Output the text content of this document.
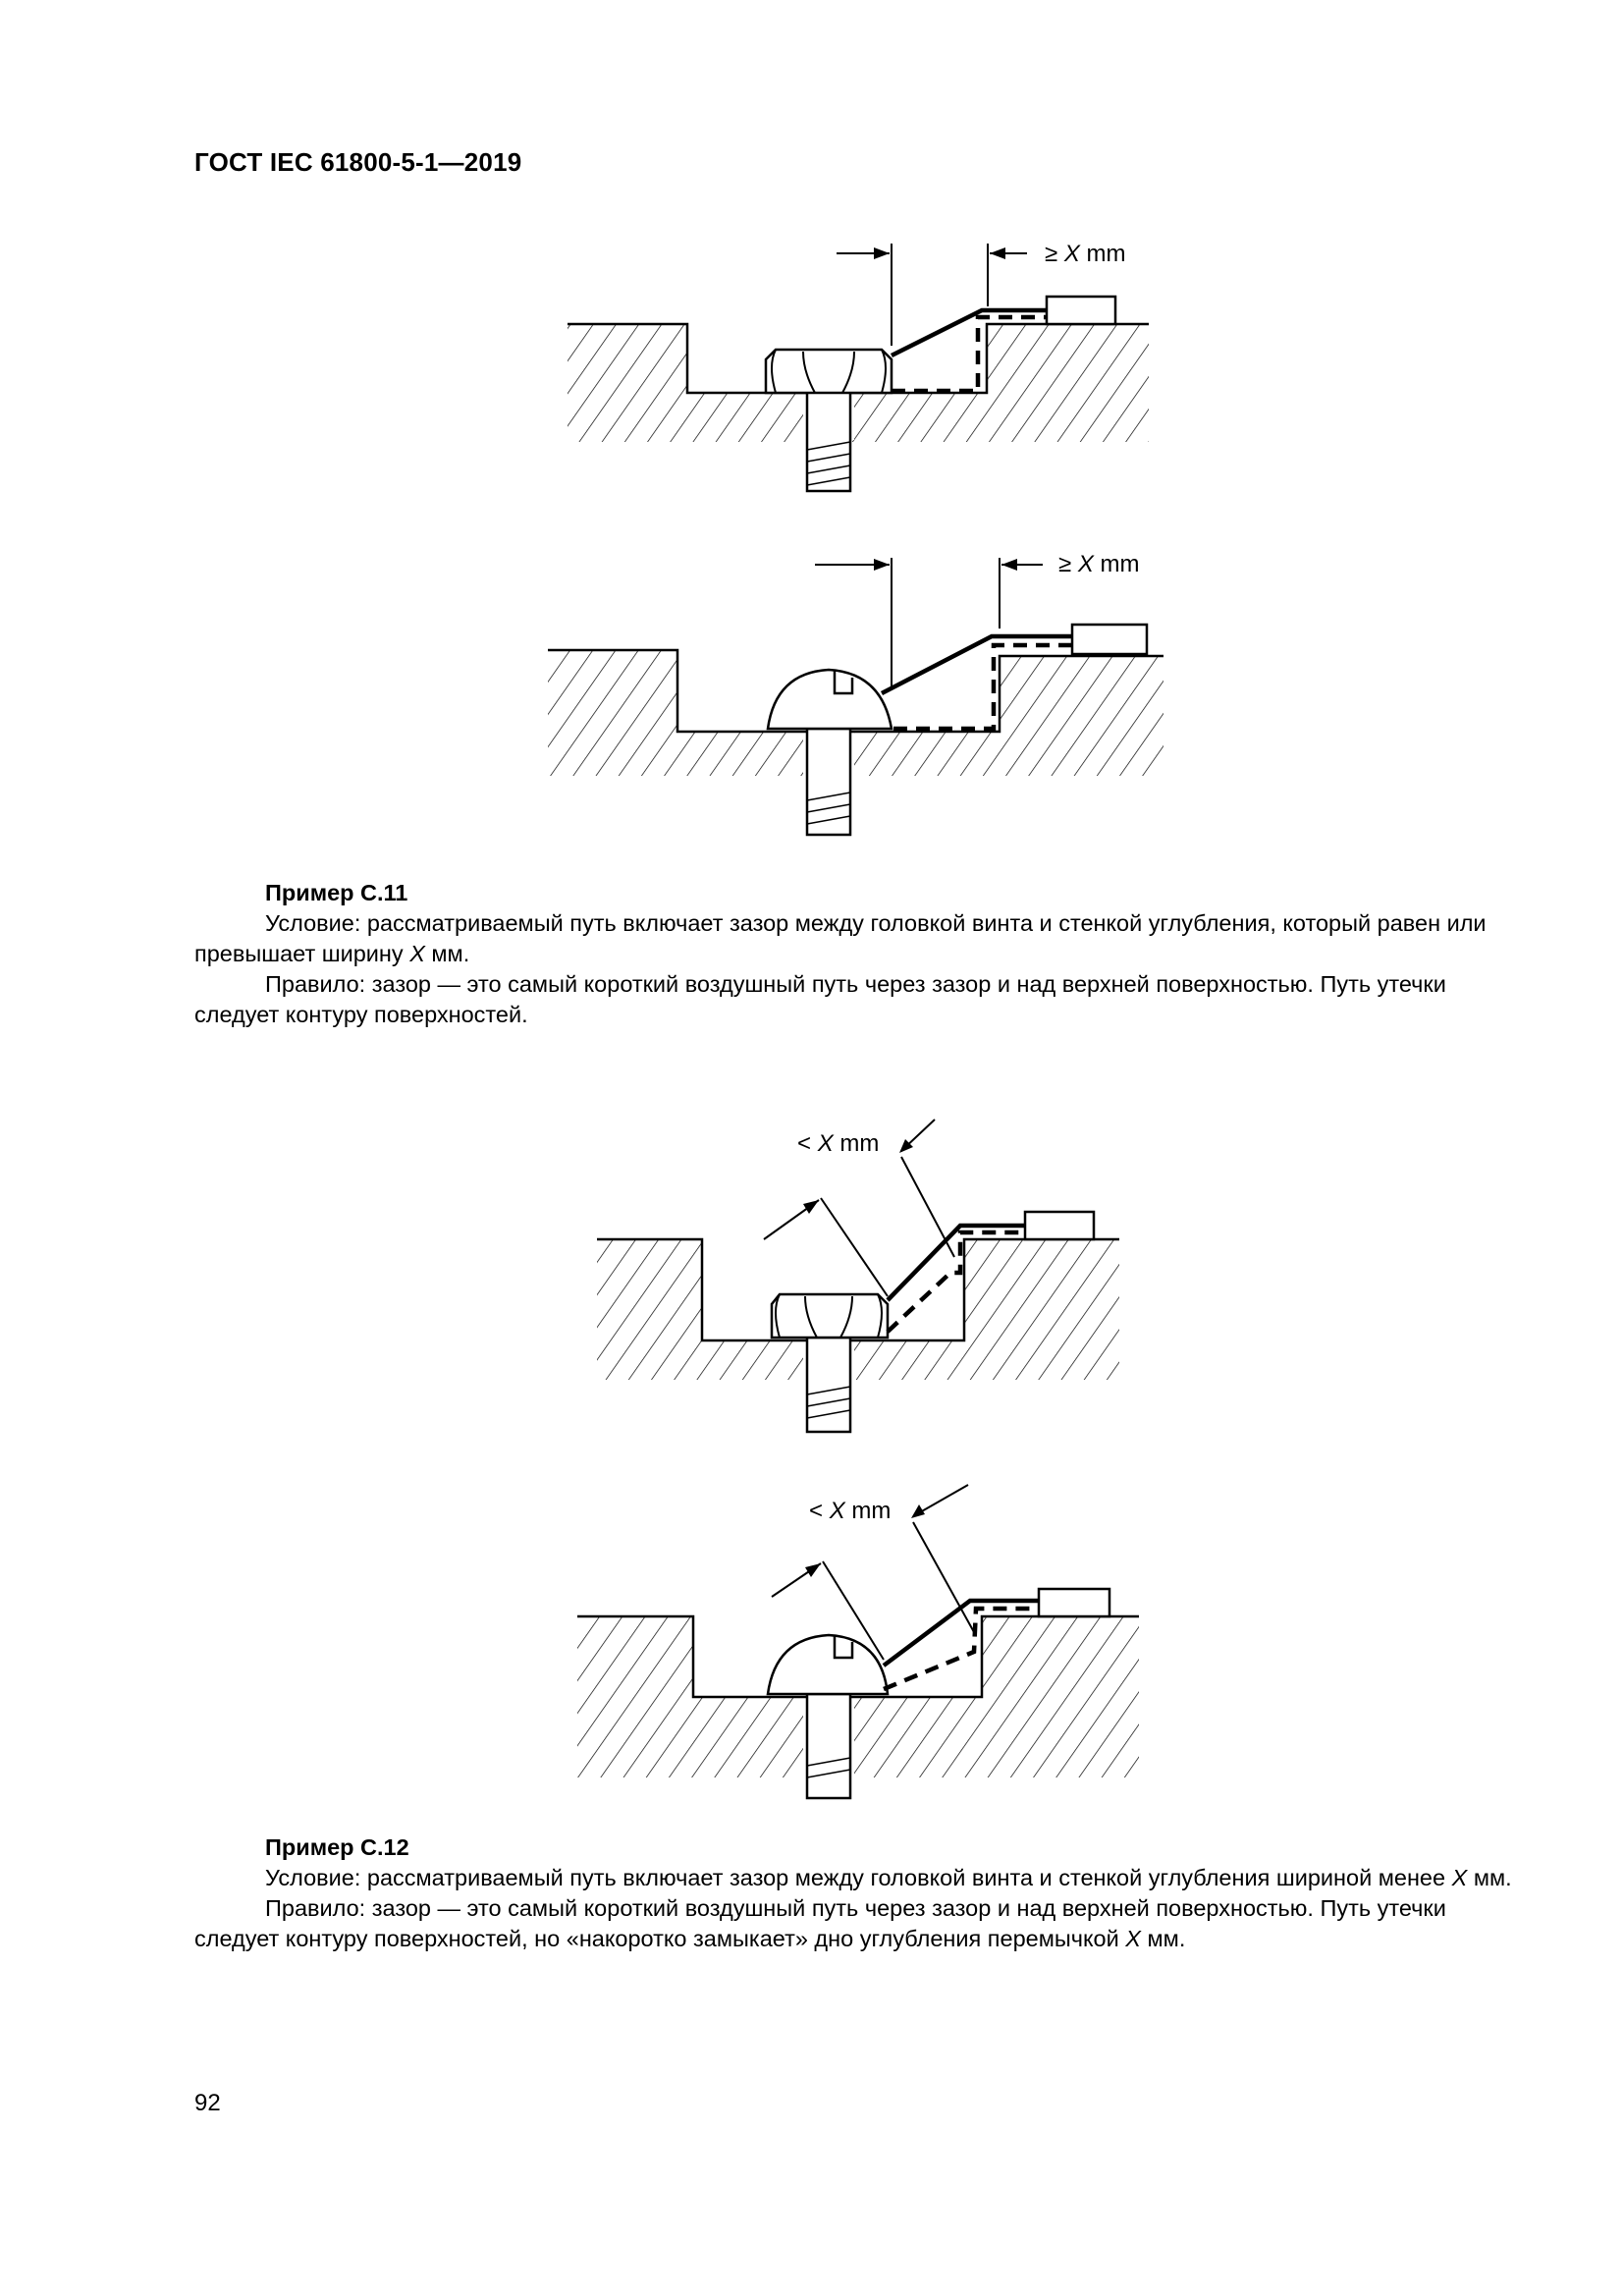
ГОСТ IEC 61800-5-1—2019
≥ X mm
≥ X mm

Пример С.11

Условие: рассматриваемый путь включает зазор между головкой винта и стенкой углубления, который равен или превышает ширину X мм.

Правило: зазор — это самый короткий воздушный путь через зазор и над верхней поверхностью. Путь утечки следует контуру поверхностей.

< X mm
< X mm

Пример С.12

Условие: рассматриваемый путь включает зазор между головкой винта и стенкой углубления шириной менее X мм.

Правило: зазор — это самый короткий воздушный путь через зазор и над верхней поверхностью. Путь утечки следует контуру поверхностей, но «накоротко замыкает» дно углубления перемычкой X мм.

92
